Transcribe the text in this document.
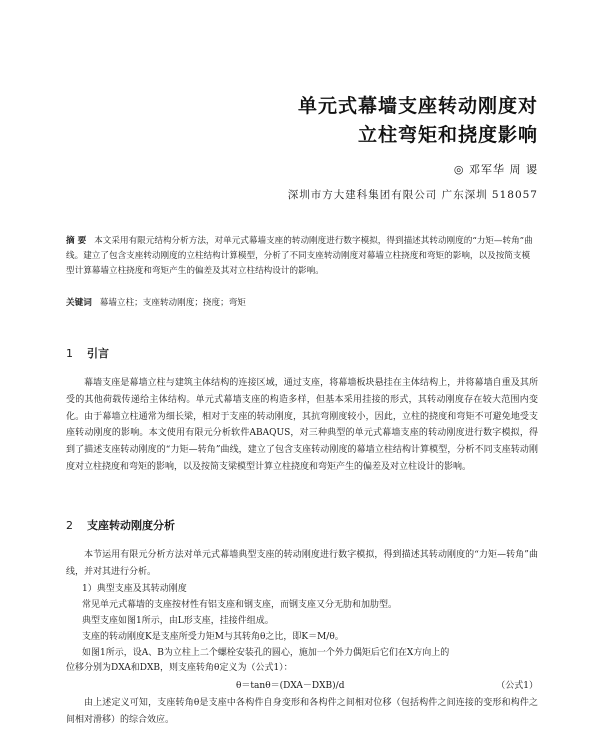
单元式幕墙支座转动刚度对
立柱弯矩和挠度影响
◎ 邓军华 周 谡
深圳市方大建科集团有限公司 广东深圳 518057
摘 要 本文采用有限元结构分析方法，对单元式幕墙支座的转动刚度进行数字模拟，得到描述其转动刚度的“力矩—转角”曲线。建立了包含支座转动刚度的立柱结构计算模型，分析了不同支座转动刚度对幕墙立柱挠度和弯矩的影响，以及按简支模型计算幕墙立柱挠度和弯矩产生的偏差及其对立柱结构设计的影响。
关键词 幕墙立柱；支座转动刚度；挠度；弯矩
1 引言
幕墙支座是幕墙立柱与建筑主体结构的连接区域，通过支座，将幕墙板块悬挂在主体结构上，并将幕墙自重及其所受的其他荷载传递给主体结构。单元式幕墙支座的构造多样，但基本采用挂接的形式，其转动刚度存在较大范围内变化。由于幕墙立柱通常为细长梁，相对于支座的转动刚度，其抗弯刚度较小，因此，立柱的挠度和弯矩不可避免地受支座转动刚度的影响。本文使用有限元分析软件ABAQUS，对三种典型的单元式幕墙支座的转动刚度进行数字模拟，得到了描述支座转动刚度的“力矩—转角”曲线，建立了包含支座转动刚度的幕墙立柱结构计算模型，分析不同支座转动刚度对立柱挠度和弯矩的影响，以及按简支梁模型计算立柱挠度和弯矩产生的偏差及对立柱设计的影响。
2 支座转动刚度分析
本节运用有限元分析方法对单元式幕墙典型支座的转动刚度进行数字模拟，得到描述其转动刚度的“力矩—转角”曲线，并对其进行分析。
1）典型支座及其转动刚度
常见单元式幕墙的支座按材性有铝支座和钢支座，而钢支座又分无肋和加肋型。
典型支座如图1所示，由L形支座，挂接件组成。
支座的转动刚度K是支座所受力矩M与其转角θ之比，即K＝M/θ。
如图1所示，设A、B为立柱上二个螺栓安装孔的圆心，施加一个外力偶矩后它们在X方向上的
位移分别为DXA和DXB，则支座转角θ定义为（公式1）：
θ＝tanθ＝(DXA－DXB)/d	（公式1）
由上述定义可知，支座转角θ是支座中各构件自身变形和各构件之间相对位移（包括构件之间连接的变形和构件之间相对滑移）的综合效应。
